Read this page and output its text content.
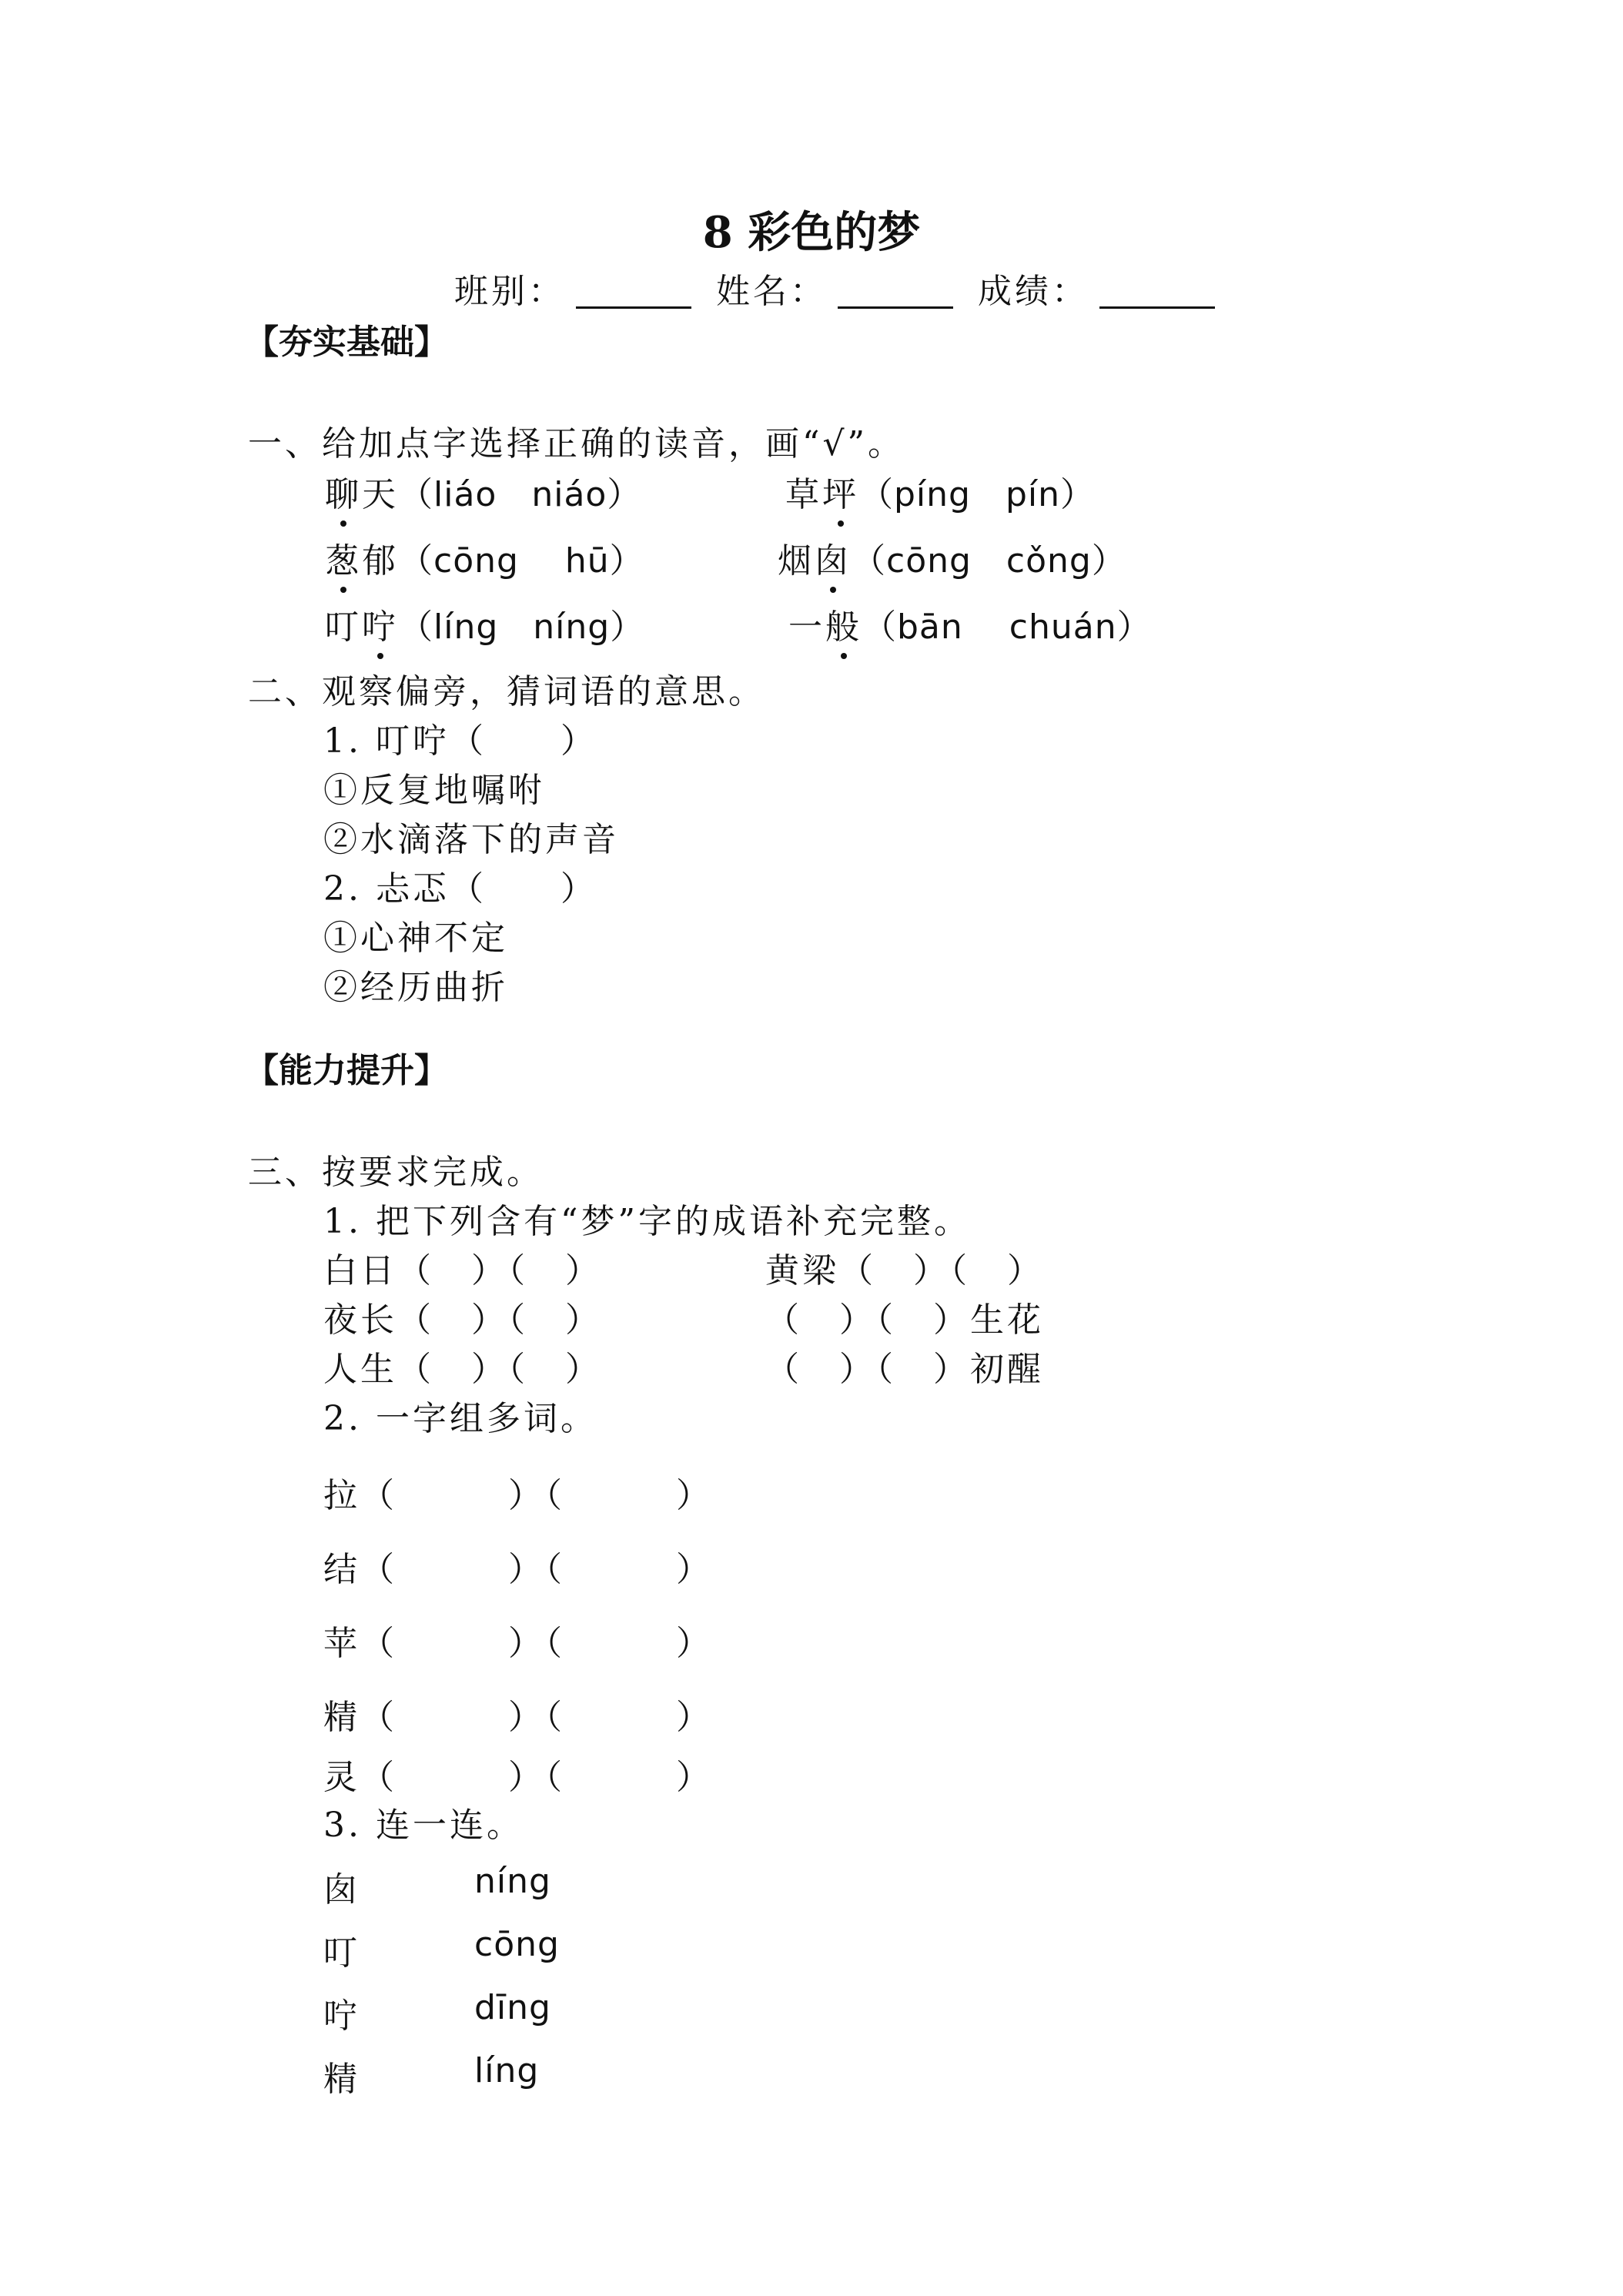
8 彩色的梦
班别：	姓名：	成绩：
【夯实基础】
一、给加点字选择正确的读音，画“√”。
聊天（liáo　niáo）	草坪（píng　pín）
葱郁（cōng　 hū）	烟囱（cōng　cǒng）
叮咛（líng　níng）	一般（bān　 chuán）
二、观察偏旁，猜词语的意思。
1. 叮咛（　　）
①反复地嘱咐
②水滴落下的声音
2. 忐忑（　　）
①心神不定
②经历曲折
【能力提升】
三、按要求完成。
1. 把下列含有“梦”字的成语补充完整。
白日（　）（　）	黄梁（　）（　）
夜长（　）（　）	（　）（　）生花
人生（　）（　）	（　）（　）初醒
2. 一字组多词。
拉（　　　）（　　　）
结（　　　）（　　　）
苹（　　　）（　　　）
精（　　　）（　　　）
灵（　　　）（　　　）
3. 连一连。
囱	níng
叮	cōng
咛	dīng
精	líng
